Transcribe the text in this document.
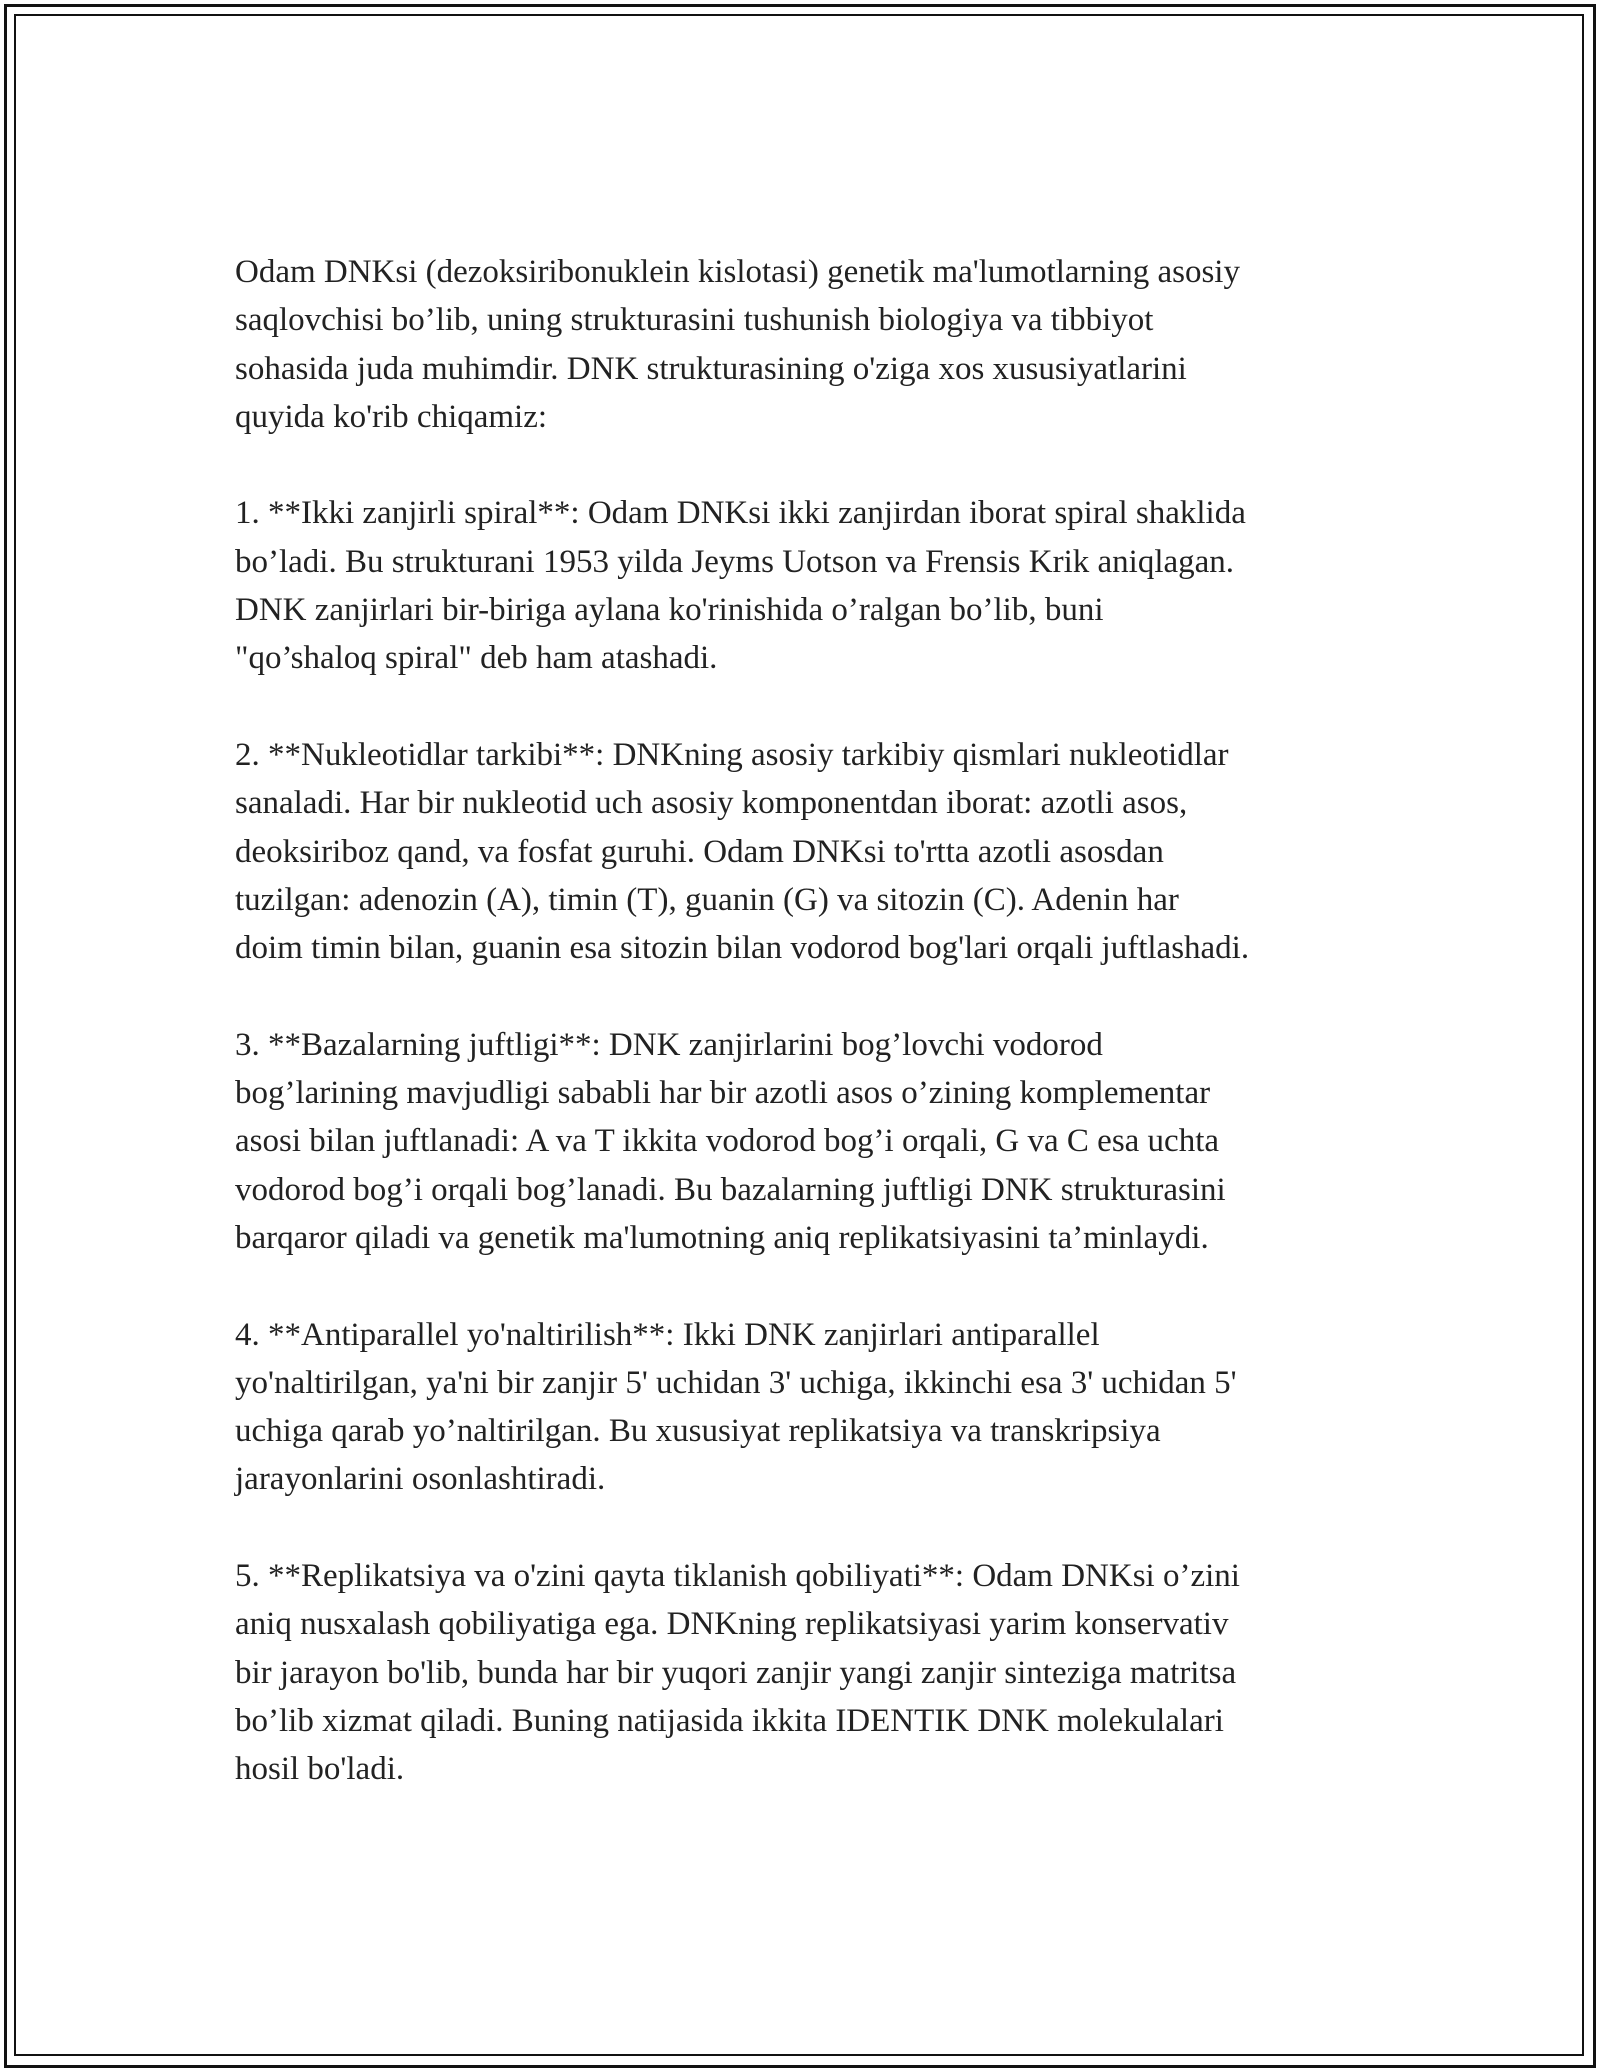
Odam DNKsi (dezoksiribonuklein kislotasi) genetik ma'lumotlarning asosiy
saqlovchisi bo’lib, uning strukturasini tushunish biologiya va tibbiyot
sohasida juda muhimdir. DNK strukturasining o'ziga xos xususiyatlarini
quyida ko'rib chiqamiz:

1. **Ikki zanjirli spiral**: Odam DNKsi ikki zanjirdan iborat spiral shaklida
bo’ladi. Bu strukturani 1953 yilda Jeyms Uotson va Frensis Krik aniqlagan.
DNK zanjirlari bir-biriga aylana ko'rinishida o’ralgan bo’lib, buni
"qo’shaloq spiral" deb ham atashadi.

2. **Nukleotidlar tarkibi**: DNKning asosiy tarkibiy qismlari nukleotidlar
sanaladi. Har bir nukleotid uch asosiy komponentdan iborat: azotli asos,
deoksiriboz qand, va fosfat guruhi. Odam DNKsi to'rtta azotli asosdan
tuzilgan: adenozin (A), timin (T), guanin (G) va sitozin (C). Adenin har
doim timin bilan, guanin esa sitozin bilan vodorod bog'lari orqali juftlashadi.

3. **Bazalarning juftligi**: DNK zanjirlarini bog’lovchi vodorod
bog’larining mavjudligi sababli har bir azotli asos o’zining komplementar
asosi bilan juftlanadi: A va T ikkita vodorod bog’i orqali, G va C esa uchta
vodorod bog’i orqali bog’lanadi. Bu bazalarning juftligi DNK strukturasini
barqaror qiladi va genetik ma'lumotning aniq replikatsiyasini ta’minlaydi.

4. **Antiparallel yo'naltirilish**: Ikki DNK zanjirlari antiparallel
yo'naltirilgan, ya'ni bir zanjir 5' uchidan 3' uchiga, ikkinchi esa 3' uchidan 5'
uchiga qarab yo’naltirilgan. Bu xususiyat replikatsiya va transkripsiya
jarayonlarini osonlashtiradi.

5. **Replikatsiya va o'zini qayta tiklanish qobiliyati**: Odam DNKsi o’zini
aniq nusxalash qobiliyatiga ega. DNKning replikatsiyasi yarim konservativ
bir jarayon bo'lib, bunda har bir yuqori zanjir yangi zanjir sinteziga matritsa
bo’lib xizmat qiladi. Buning natijasida ikkita IDENTIK DNK molekulalari
hosil bo'ladi.
